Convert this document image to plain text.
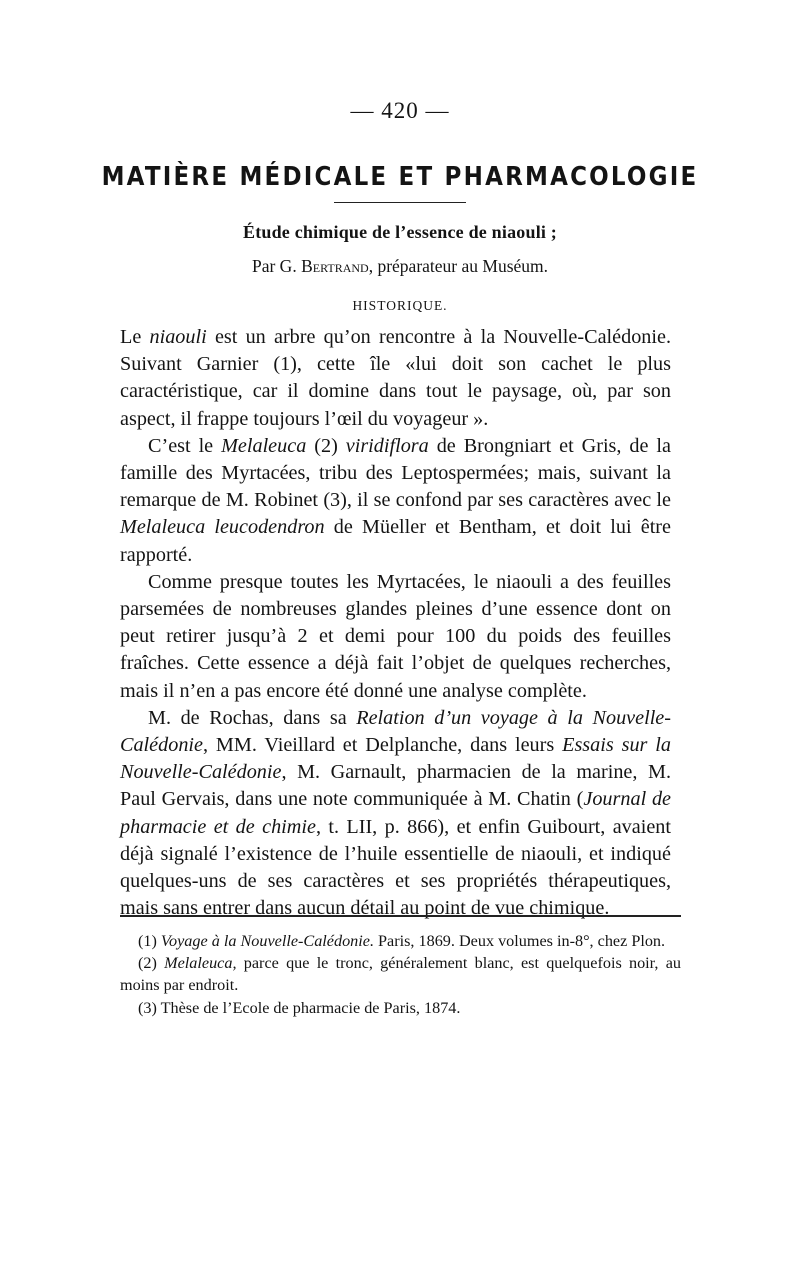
— 420 —
MATIÈRE MÉDICALE ET PHARMACOLOGIE
Étude chimique de l’essence de niaouli ;
Par G. Bertrand, préparateur au Muséum.
HISTORIQUE.

Le niaouli est un arbre qu’on rencontre à la Nouvelle-Calédonie. Suivant Garnier (1), cette île «lui doit son cachet le plus caractéristique, car il domine dans tout le paysage, où, par son aspect, il frappe toujours l’œil du voyageur ».

C’est le Melaleuca (2) viridiflora de Brongniart et Gris, de la famille des Myrtacées, tribu des Leptospermées; mais, suivant la remarque de M. Robinet (3), il se confond par ses caractères avec le Melaleuca leucodendron de Müeller et Bentham, et doit lui être rapporté.

Comme presque toutes les Myrtacées, le niaouli a des feuilles parsemées de nombreuses glandes pleines d’une essence dont on peut retirer jusqu’à 2 et demi pour 100 du poids des feuilles fraîches. Cette essence a déjà fait l’objet de quelques recherches, mais il n’en a pas encore été donné une analyse complète.

M. de Rochas, dans sa Relation d’un voyage à la Nouvelle-Calédonie, MM. Vieillard et Delplanche, dans leurs Essais sur la Nouvelle-Calédonie, M. Garnault, pharmacien de la marine, M. Paul Gervais, dans une note communiquée à M. Chatin (Journal de pharmacie et de chimie, t. LII, p. 866), et enfin Guibourt, avaient déjà signalé l’existence de l’huile essentielle de niaouli, et indiqué quelques-uns de ses caractères et ses propriétés thérapeutiques, mais sans entrer dans aucun détail au point de vue chimique.

(1) Voyage à la Nouvelle-Calédonie. Paris, 1869. Deux volumes in-8°, chez Plon.

(2) Melaleuca, parce que le tronc, généralement blanc, est quelquefois noir, au moins par endroit.

(3) Thèse de l’Ecole de pharmacie de Paris, 1874.
